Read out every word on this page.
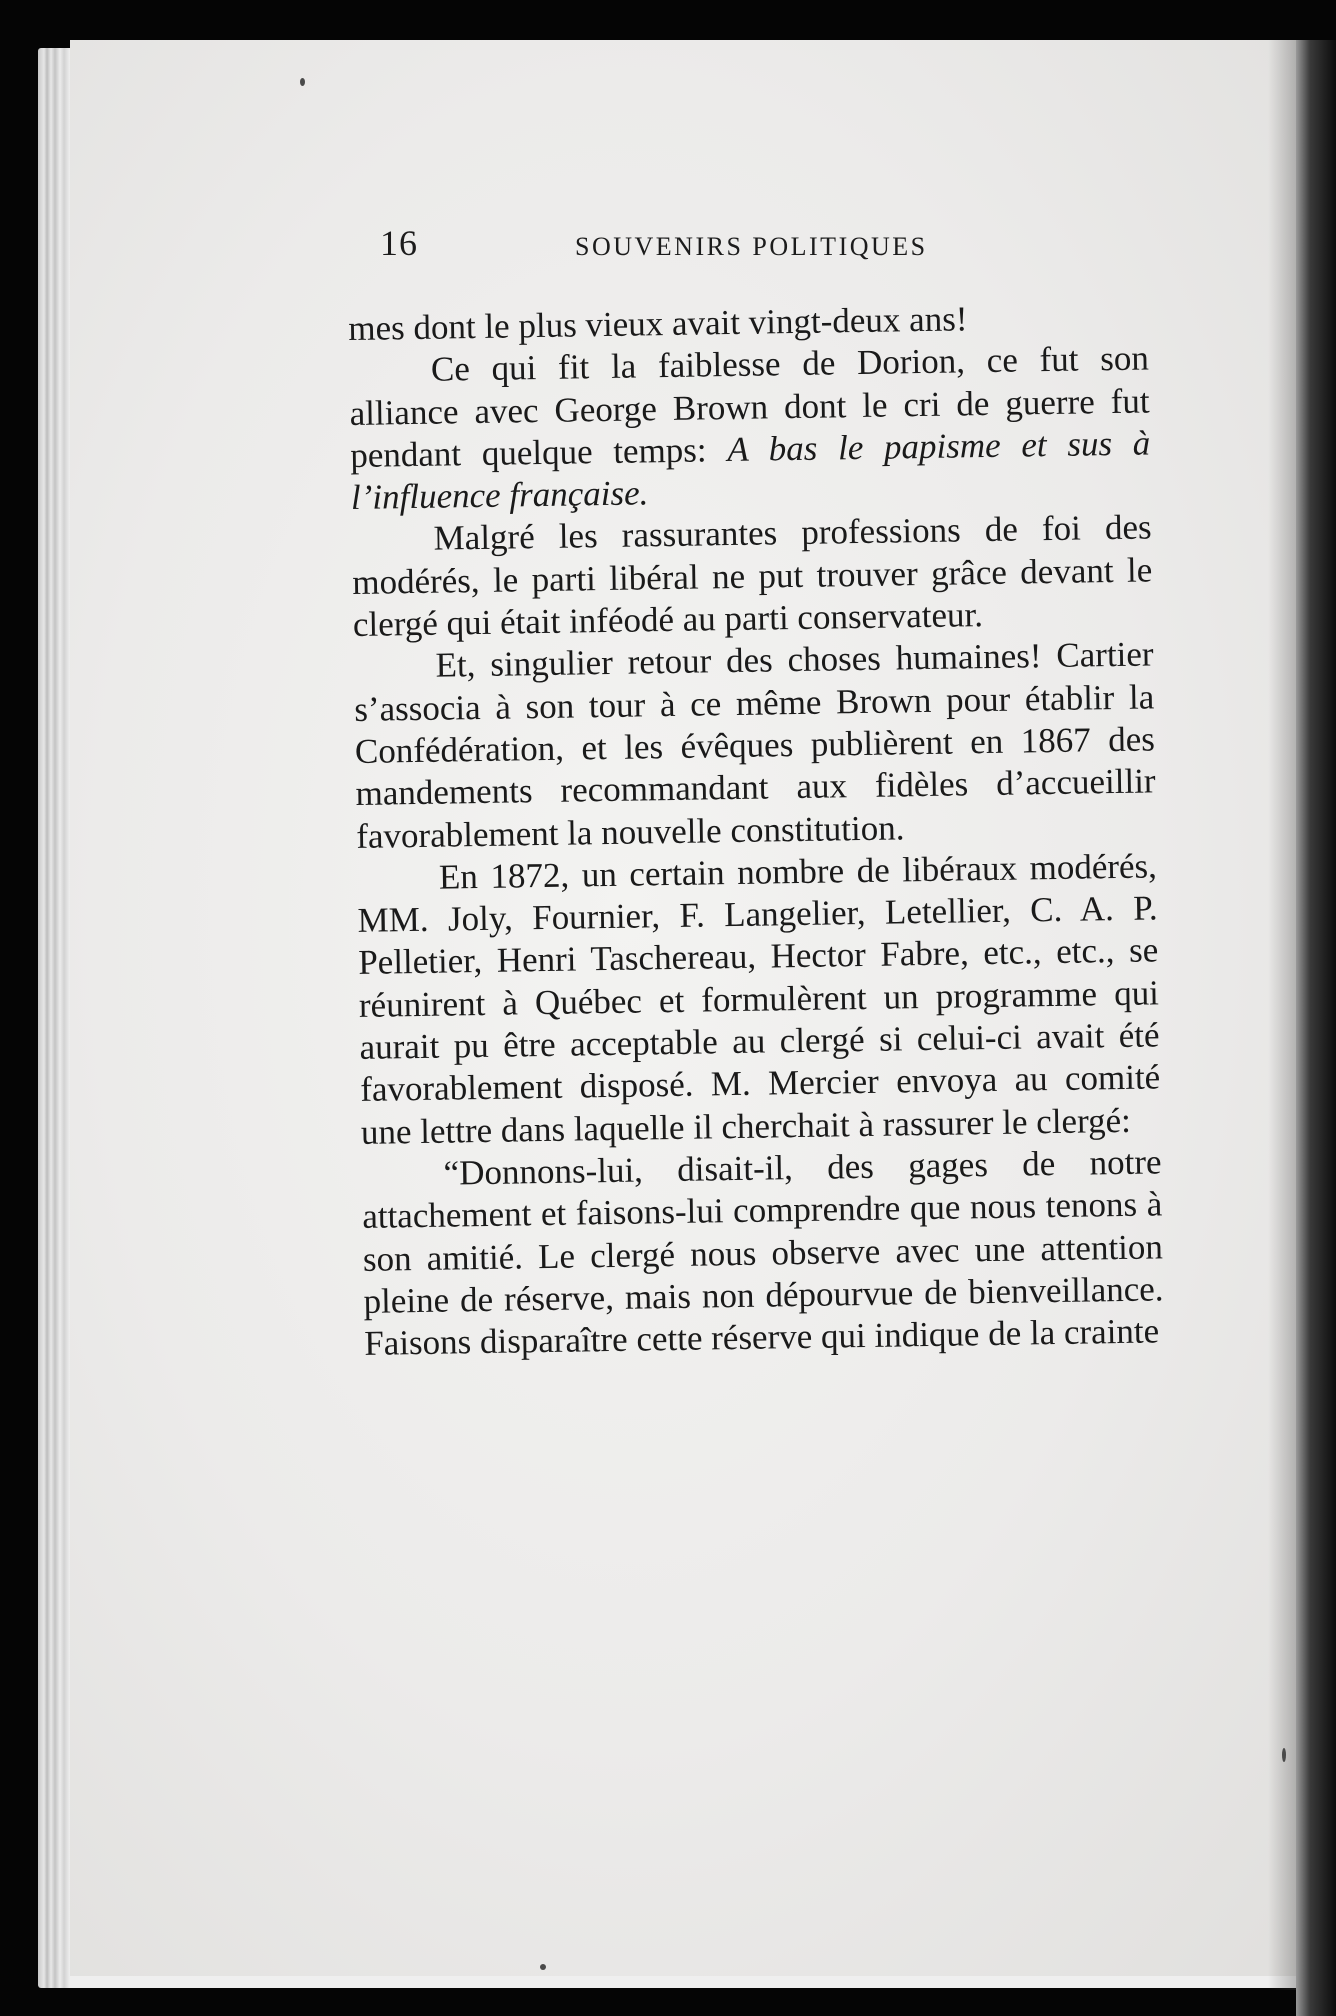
16	SOUVENIRS POLITIQUES

mes dont le plus vieux avait vingt-deux ans!

Ce qui fit la faiblesse de Dorion, ce fut son alliance avec George Brown dont le cri de guerre fut pendant quelque temps: A bas le papisme et sus à l’influence française.

Malgré les rassurantes professions de foi des modérés, le parti libéral ne put trouver grâce devant le clergé qui était inféodé au parti conservateur.

Et, singulier retour des choses humaines! Cartier s’associa à son tour à ce même Brown pour établir la Confédération, et les évêques publièrent en 1867 des mandements recommandant aux fidèles d’accueillir favorablement la nouvelle constitution.

En 1872, un certain nombre de libéraux modérés, MM. Joly, Fournier, F. Langelier, Letellier, C. A. P. Pelletier, Henri Taschereau, Hector Fabre, etc., etc., se réunirent à Québec et formulèrent un programme qui aurait pu être acceptable au clergé si celui-ci avait été favorablement disposé. M. Mercier envoya au comité une lettre dans laquelle il cherchait à rassurer le clergé:

“Donnons-lui, disait-il, des gages de notre attachement et faisons-lui comprendre que nous tenons à son amitié. Le clergé nous observe avec une attention pleine de réserve, mais non dépourvue de bienveillance. Faisons disparaître cette réserve qui indique de la crainte
